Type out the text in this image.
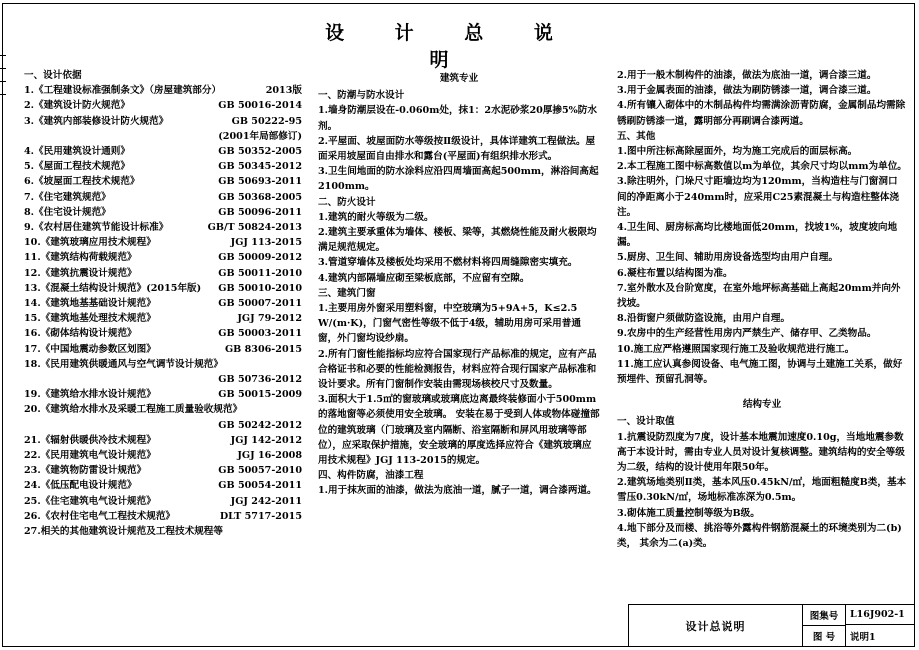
设 计 总 说 明
一、设计依据
1.《工程建设标准强制条文》（房屋建筑部分）	2013版
2.《建筑设计防火规范》	GB 50016-2014
3.《建筑内部装修设计防火规范》	GB 50222-95
(2001年局部修订)
4.《民用建筑设计通则》	GB 50352-2005
5.《屋面工程技术规范》	GB 50345-2012
6.《坡屋面工程技术规范》	GB 50693-2011
7.《住宅建筑规范》	GB 50368-2005
8.《住宅设计规范》	GB 50096-2011
9.《农村居住建筑节能设计标准》	GB/T 50824-2013
10.《建筑玻璃应用技术规程》	JGJ 113-2015
11.《建筑结构荷载规范》	GB 50009-2012
12.《建筑抗震设计规范》	GB 50011-2010
13.《混凝土结构设计规范》(2015年版) GB 50010-2010
14.《建筑地基基础设计规范》	GB 50007-2011
15.《建筑地基处理技术规范》	JGJ 79-2012
16.《砌体结构设计规范》	GB 50003-2011
17.《中国地震动参数区划图》	GB 8306-2015
18.《民用建筑供暖通风与空气调节设计规范》
GB 50736-2012
19.《建筑给水排水设计规范》	GB 50015-2009
20.《建筑给水排水及采暖工程施工质量验收规范》
GB 50242-2012
21.《辐射供暖供冷技术规程》	JGJ 142-2012
22.《民用建筑电气设计规范》	JGJ 16-2008
23.《建筑物防雷设计规范》	GB 50057-2010
24.《低压配电设计规范》	GB 50054-2011
25.《住宅建筑电气设计规范》	JGJ 242-2011
26.《农村住宅电气工程技术规范》	DLT 5717-2015
27.相关的其他建筑设计规范及工程技术规程等
建筑专业
一、防潮与防水设计
1.墙身防潮层设在-0.060m处，抹1：2水泥砂浆20厚掺5%防水剂。
2.平屋面、坡屋面防水等级按Ⅱ级设计，具体详建筑工程做法。屋面采用坡屋面自由排水和露台(平屋面)有组织排水形式。
3.卫生间地面的防水涂料应沿四周墙面高起500mm，淋浴间高起2100mm。
二、防火设计
1.建筑的耐火等级为二级。
2.建筑主要承重体为墙体、楼板、梁等，其燃烧性能及耐火极限均满足规范规定。
3.管道穿墙体及楼板处均采用不燃材料将四周缝隙密实填充。
4.建筑内部隔墙应砌至梁板底部，不应留有空隙。
三、建筑门窗
1.主要用房外窗采用塑料窗，中空玻璃为5+9A+5，K≤2.5 W/(m·K)，门窗气密性等级不低于4级，辅助用房可采用普通窗，外门窗均设纱扇。
2.所有门窗性能指标均应符合国家现行产品标准的规定，应有产品合格证书和必要的性能检测报告，材料应符合现行国家产品标准和设计要求。所有门窗制作安装由需现场核校尺寸及数量。
3.面积大于1.5㎡的窗玻璃或玻璃底边离最终装修面小于500mm的落地窗等必须使用安全玻璃。 安装在易于受到人体或物体碰撞部位的建筑玻璃（门玻璃及室内隔断、浴室隔断和屏风用玻璃等部位），应采取保护措施，安全玻璃的厚度选择应符合《建筑玻璃应用技术规程》JGJ 113-2015的规定。
四、构件防腐，油漆工程
1.用于抹灰面的油漆，做法为底油一道，腻子一道，调合漆两道。
2.用于一般木制构件的油漆，做法为底油一道，调合漆三道。
3.用于金属表面的油漆，做法为刷防锈漆一道，调合漆三道。
4.所有镶入砌体中的木制品构件均需满涂沥青防腐，金属制品均需除锈刷防锈漆一道，露明部分再刷调合漆两道。
五、其他
1.图中所注标高除屋面外，均为施工完成后的面层标高。
2.本工程施工图中标高数值以m为单位，其余尺寸均以mm为单位。
3.除注明外，门垛尺寸距墙边均为120mm，当构造柱与门窗洞口间的净距离小于240mm时，应采用C25素混凝土与构造柱整体浇注。
4.卫生间、厨房标高均比楼地面低20mm，找坡1%，坡度坡向地漏。
5.厨房、卫生间、辅助用房设备选型均由用户自理。
6.凝柱布置以结构图为准。
7.室外散水及台阶宽度，在室外地坪标高基础上高起20mm并向外找坡。
8.沿街窗户须做防盗设施，由用户自理。
9.农房中的生产经营性用房内严禁生产、储存甲、乙类物品。
10.施工应严格遵照国家现行施工及验收规范进行施工。
11.施工应认真参阅设备、电气施工图，协调与土建施工关系，做好预埋件、预留孔洞等。
结构专业
一、设计取值
1.抗震设防烈度为7度，设计基本地震加速度0.10g，当地地震参数高于本设计时，需由专业人员对设计复核调整。建筑结构的安全等级为二级，结构的设计使用年限50年。
2.建筑场地类别Ⅱ类，基本风压0.45kN/㎡，地面粗糙度B类，基本雪压0.30kN/㎡，场地标准冻深为0.5m。
3.砌体施工质量控制等级为B级。
4.地下部分及而楼、挑浴等外露构件钢筋混凝土的环境类别为二(b)类， 其余为二(a)类。
设计总说明
图集号	L16J902-1
图 号	说明1
